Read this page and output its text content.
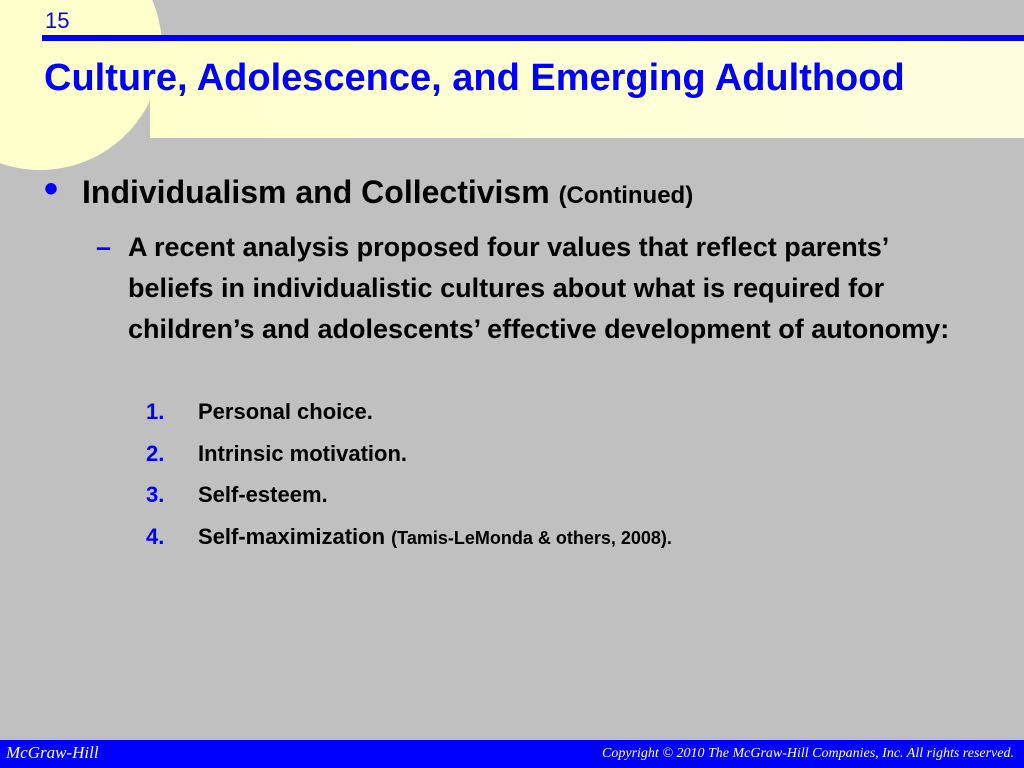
15
Culture, Adolescence, and Emerging Adulthood
• Individualism and Collectivism (Continued)
– A recent analysis proposed four values that reflect parents’ beliefs in individualistic cultures about what is required for children’s and adolescents’ effective development of autonomy:
1. Personal choice.
2. Intrinsic motivation.
3. Self-esteem.
4. Self-maximization (Tamis-LeMonda & others, 2008).
McGraw-Hill	Copyright © 2010 The McGraw-Hill Companies, Inc. All rights reserved.
